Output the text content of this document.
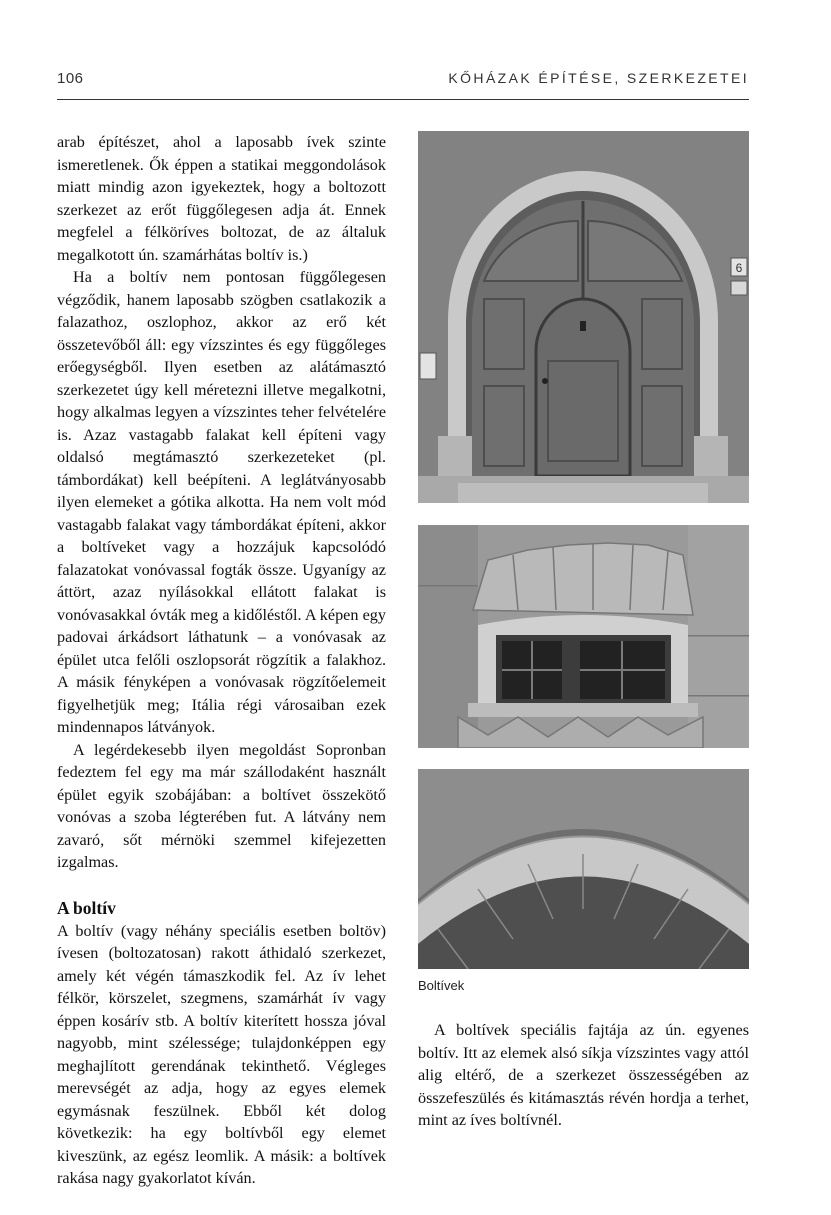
106	KŐHÁZAK ÉPÍTÉSE, SZERKEZETEI

arab építészet, ahol a laposabb ívek szinte ismeretlenek. Ők éppen a statikai meggondolások miatt mindig azon igyekeztek, hogy a boltozott szerkezet az erőt függőlegesen adja át. Ennek megfelel a félköríves boltozat, de az általuk megalkotott ún. szamárhátas boltív is.)

Ha a boltív nem pontosan függőlegesen végződik, hanem laposabb szögben csatlakozik a falazathoz, oszlophoz, akkor az erő két összetevőből áll: egy vízszintes és egy függőleges erőegységből. Ilyen esetben az alátámasztó szerkezetet úgy kell méretezni illetve megalkotni, hogy alkalmas legyen a vízszintes teher felvételére is. Azaz vastagabb falakat kell építeni vagy oldalsó megtámasztó szerkezeteket (pl. támbordákat) kell beépíteni. A leglátványosabb ilyen elemeket a gótika alkotta. Ha nem volt mód vastagabb falakat vagy támbordákat építeni, akkor a boltíveket vagy a hozzájuk kapcsolódó falazatokat vonóvassal fogták össze. Ugyanígy az áttört, azaz nyílásokkal ellátott falakat is vonóvasakkal óvták meg a kidőléstől. A képen egy padovai árkádsort láthatunk – a vonóvasak az épület utca felőli oszlopsorát rögzítik a falakhoz. A másik fényképen a vonóvasak rögzítőelemeit figyelhetjük meg; Itália régi városaiban ezek mindennapos látványok.

A legérdekesebb ilyen megoldást Sopronban fedeztem fel egy ma már szállodaként használt épület egyik szobájában: a boltívet összekötő vonóvas a szoba légterében fut. A látvány nem zavaró, sőt mérnöki szemmel kifejezetten izgalmas.

A boltív

A boltív (vagy néhány speciális esetben boltöv) ívesen (boltozatosan) rakott áthidaló szerkezet, amely két végén támaszkodik fel. Az ív lehet félkör, körszelet, szegmens, szamárhát ív vagy éppen kosárív stb. A boltív kiterített hossza jóval nagyobb, mint szélessége; tulajdonképpen egy meghajlított gerendának tekinthető. Végleges merevségét az adja, hogy az egyes elemek egymásnak feszülnek. Ebből két dolog következik: ha egy boltívből egy elemet kiveszünk, az egész leomlik. A másik: a boltívek rakása nagy gyakorlatot kíván.

6
Boltívek

A boltívek speciális fajtája az ún. egyenes boltív. Itt az elemek alsó síkja vízszintes vagy attól alig eltérő, de a szerkezet összességében az összefeszülés és kitámasztás révén hordja a terhet, mint az íves boltívnél.
